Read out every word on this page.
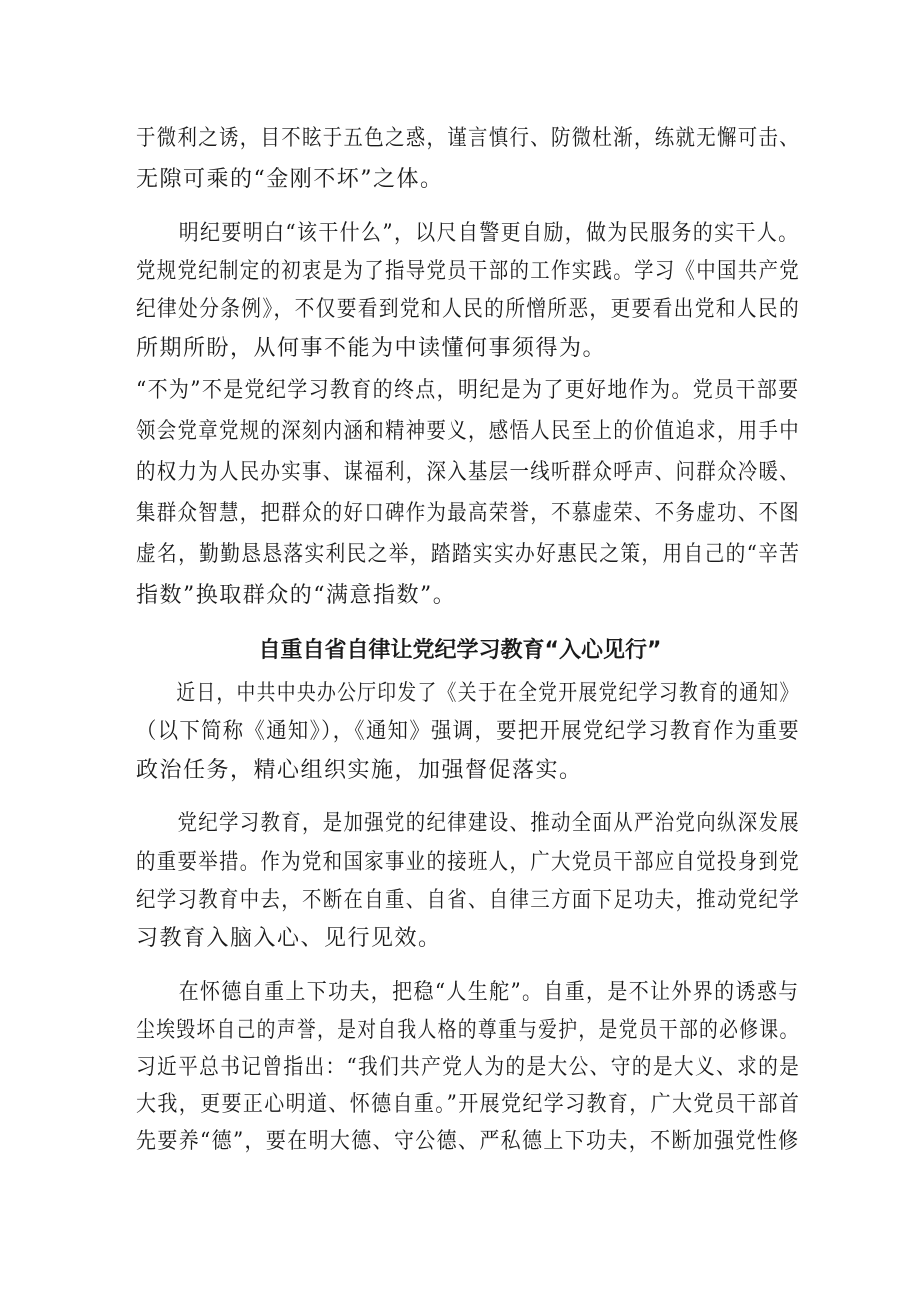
于微利之诱，目不眩于五色之惑，谨言慎行、防微杜渐，练就无懈可击、
无隙可乘的“金刚不坏”之体。
　　明纪要明白“该干什么”，以尺自警更自励，做为民服务的实干人。
党规党纪制定的初衷是为了指导党员干部的工作实践。学习《中国共产党
纪律处分条例》，不仅要看到党和人民的所憎所恶，更要看出党和人民的
所期所盼，从何事不能为中读懂何事须得为。
“不为”不是党纪学习教育的终点，明纪是为了更好地作为。党员干部要
领会党章党规的深刻内涵和精神要义，感悟人民至上的价值追求，用手中
的权力为人民办实事、谋福利，深入基层一线听群众呼声、问群众冷暖、
集群众智慧，把群众的好口碑作为最高荣誉，不慕虚荣、不务虚功、不图
虚名，勤勤恳恳落实利民之举，踏踏实实办好惠民之策，用自己的“辛苦
指数”换取群众的“满意指数”。
自重自省自律让党纪学习教育“入心见行”
　　近日，中共中央办公厅印发了《关于在全党开展党纪学习教育的通知》
（以下简称《通知》），《通知》强调，要把开展党纪学习教育作为重要
政治任务，精心组织实施，加强督促落实。
　　党纪学习教育，是加强党的纪律建设、推动全面从严治党向纵深发展
的重要举措。作为党和国家事业的接班人，广大党员干部应自觉投身到党
纪学习教育中去，不断在自重、自省、自律三方面下足功夫，推动党纪学
习教育入脑入心、见行见效。
　　在怀德自重上下功夫，把稳“人生舵”。自重，是不让外界的诱惑与
尘埃毁坏自己的声誉，是对自我人格的尊重与爱护，是党员干部的必修课。
习近平总书记曾指出：“我们共产党人为的是大公、守的是大义、求的是
大我，更要正心明道、怀德自重。”开展党纪学习教育，广大党员干部首
先要养“德”，要在明大德、守公德、严私德上下功夫，不断加强党性修
